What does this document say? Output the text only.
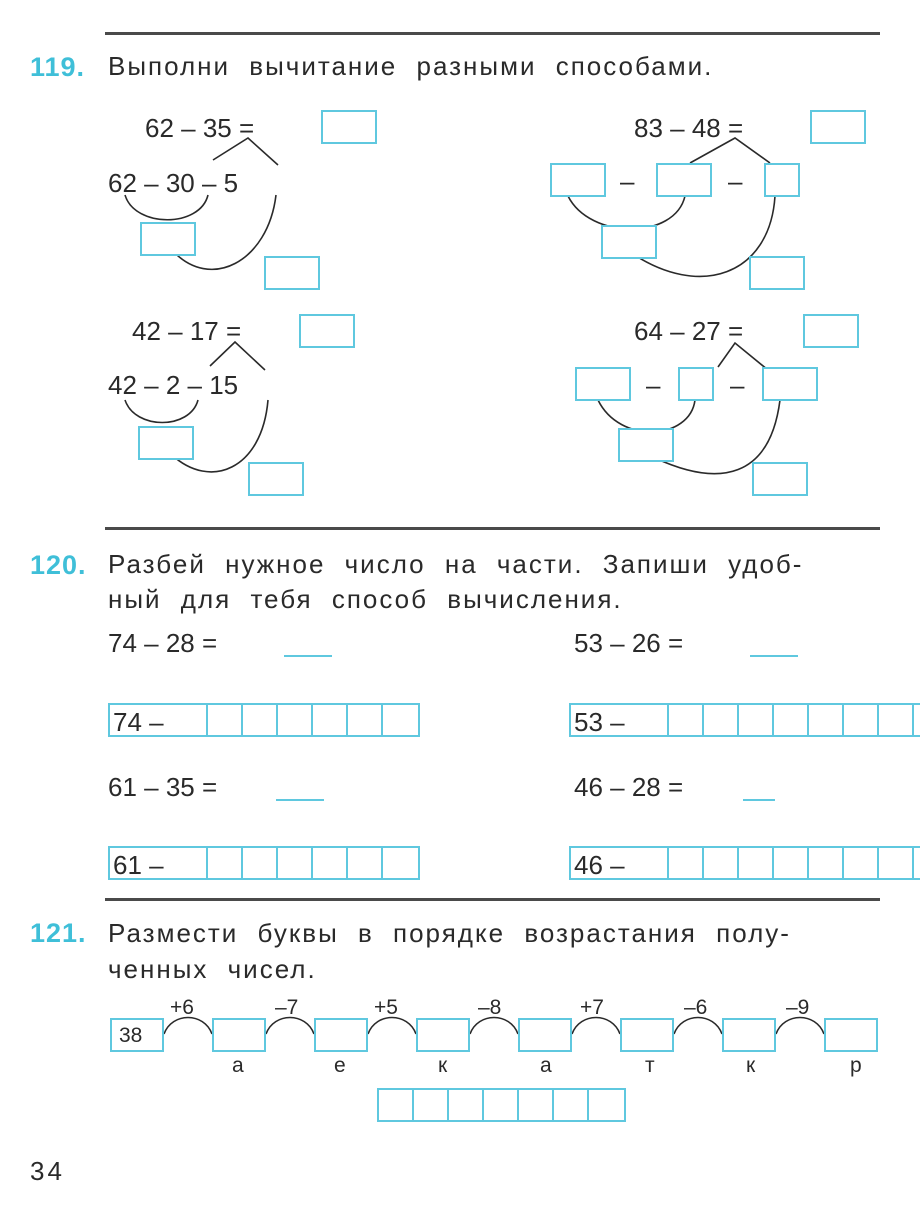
119. Выполни вычитание разными способами.
62 – 35 =
62 – 30 – 5
83 – 48 =
–	–
42 – 17 =
42 – 2 – 15
64 – 27 =
–	–
120. Разбей нужное число на части. Запиши удоб-
ный для тебя способ вычисления.
74 – 28 =
74 –
53 – 26 =
53 –
61 – 35 =
61 –
46 – 28 =
46 –
121. Размести буквы в порядке возрастания полу-
ченных чисел.
38
+6	–7	+5	–8	+7	–6	–9
а	е	к	а	т	к	р
34
